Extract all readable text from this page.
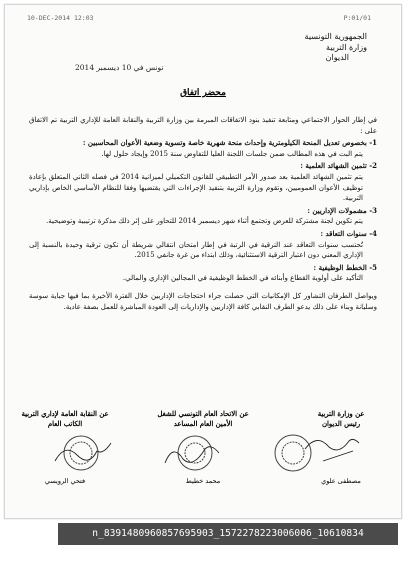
10-DEC-2014 12:03	P:01/01
الجمهورية التونسية
وزارة التربية
الديوان
تونس في 10 ديسمبر 2014
محضر اتفاق

في إطار الحوار الاجتماعي ومتابعة تنفيذ بنود الاتفاقات المبرمة بين وزارة التربية والنقابة العامة للإداري التربية تم الاتفاق على :

1- بخصوص تعديل المنحة الكيلومترية وإحداث منحة شهرية خاصة وتسوية وضعية الأعوان المحاسبين :

يتم البت في هذه المطالب ضمن جلسات اللجنة العليا للتفاوض سنة 2015 وإيجاد حلول لها.

2- تثمين الشهائد العلمية :

يتم تثمين الشهائد العلمية بعد صدور الأمر التطبيقي للقانون التكميلي لميزانية 2014 في فصله الثاني المتعلق بإعادة توظيف الأعوان العموميين، وتقوم وزارة التربية بتنفيذ الإجراءات التي يقتضيها وفقا للنظام الأساسي الخاص بإداريي التربية.

3- مشمولات الإداريين :

يتم تكوين لجنة مشتركة للعرض وتجتمع أثناء شهر ديسمبر 2014 للتحاور على إثر ذلك مذكرة ترتيبية وتوضيحية.

4- سنوات التعاقد :

تُحتسب سنوات التعاقد عند الترقية في الرتبة في إطار امتحان انتقالي شريطة أن تكون ترقية وحيدة بالنسبة إلى الإداري المعني دون اعتبار الترقية الاستثنائية، وذلك ابتداء من غرة جانفي 2015.

5- الخطط الوظيفية :

التأكيد على أولوية القطاع وأبنائه في الخطط الوظيفية في المجالين الإداري والمالي.

ويواصل الطرفان التشاور كل الإمكانيات التي حصلت جراء احتجاجات الإداريين خلال الفترة الأخيرة بما فيها جباية سوسة وسليانة وبناء على ذلك يدعو الطرف النقابي كافة الإداريين والإداريات إلى العودة المباشرة للعمل بصفة عادية.

عن وزارة التربية
رئيس الديوان
عن الاتحاد العام التونسي للشغل
الأمين العام المساعد
عن النقابة العامة لإداري التربية
الكاتب العام
مصطفى علوي
محمد خطيط
فتحي الرويسي
n_8391480960857695903_1572278223006006_10610834
